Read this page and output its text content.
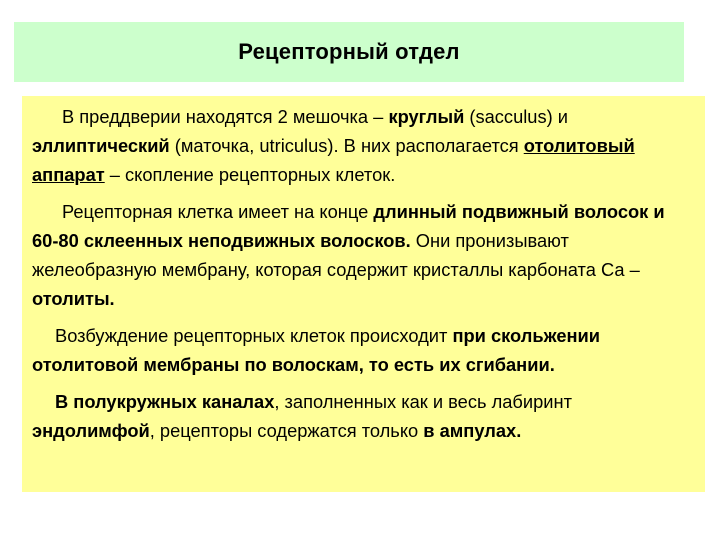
Рецепторный отдел

В преддверии находятся 2 мешочка – круглый (sacculus) и эллиптический (маточка, utriculus). В них располагается отолитовый аппарат – скопление рецепторных клеток.

Рецепторная клетка имеет на конце длинный подвижный волосок и 60-80 склеенных неподвижных волосков. Они пронизывают желеобразную мембрану, которая содержит кристаллы карбоната Са – отолиты.

Возбуждение рецепторных клеток происходит при скольжении отолитовой мембраны по волоскам, то есть их сгибании.

В полукружных каналах, заполненных как и весь лабиринт эндолимфой, рецепторы содержатся только в ампулах.
